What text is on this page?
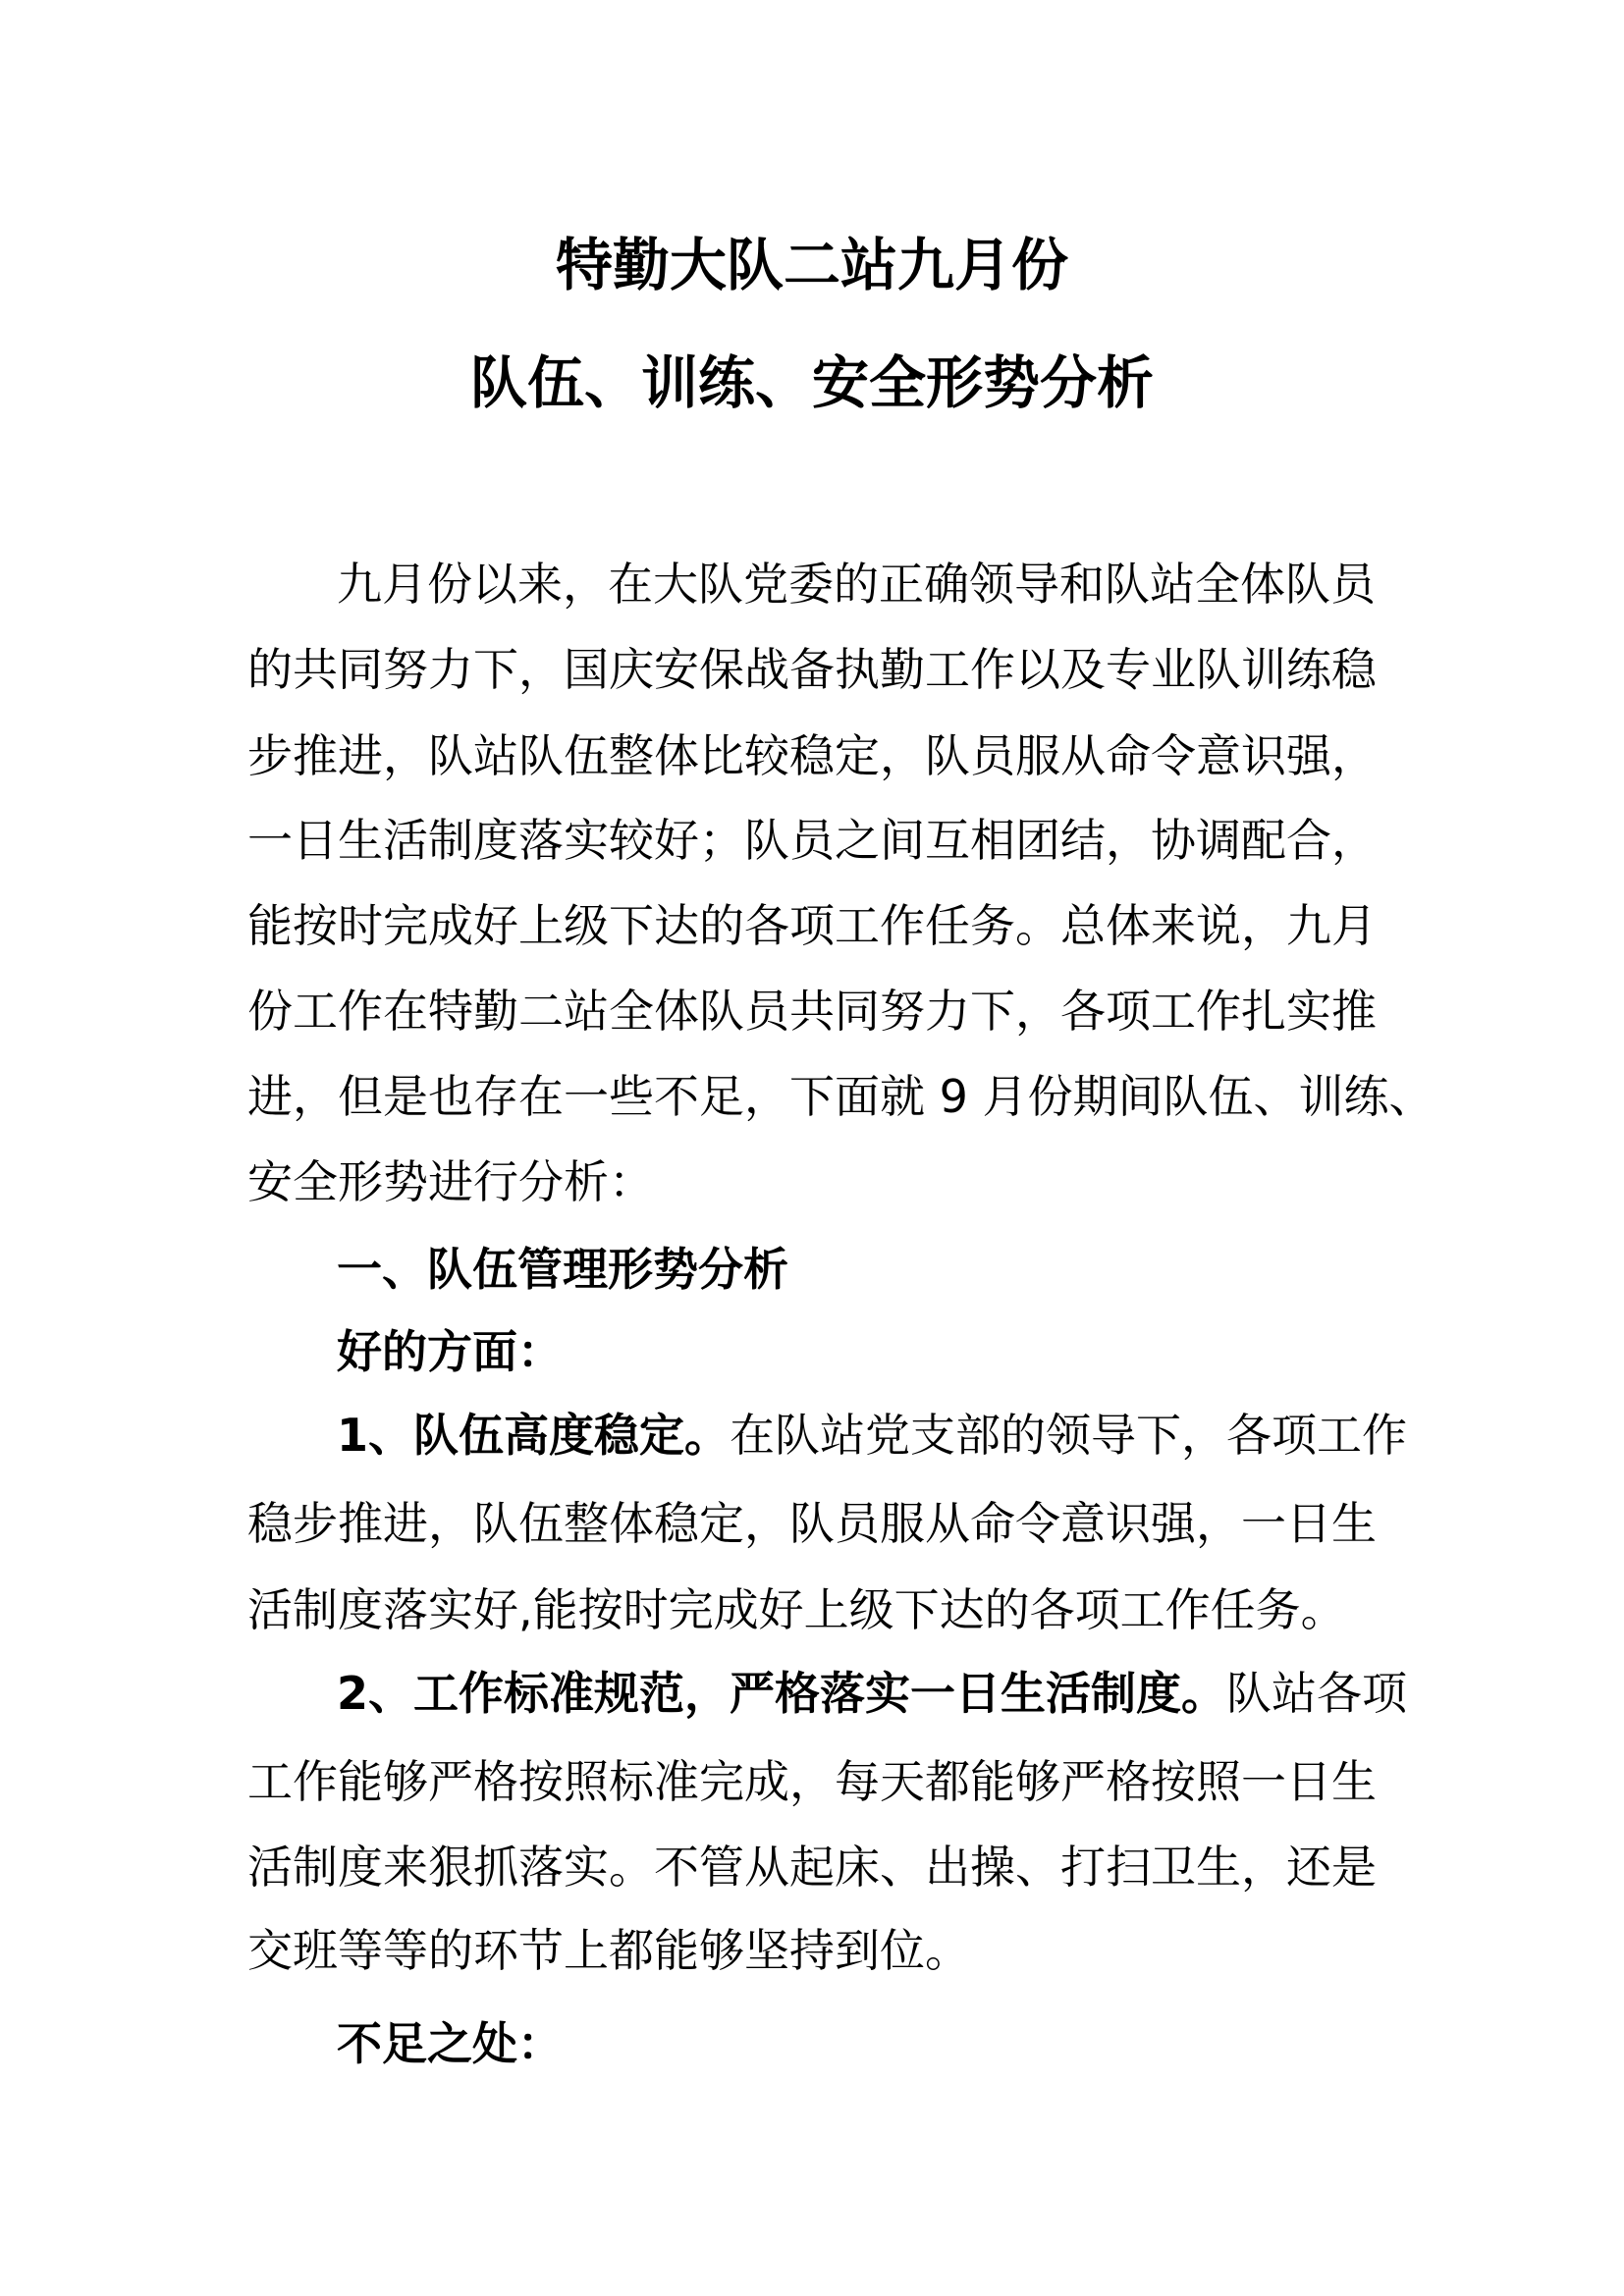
特勤大队二站九月份
队伍、训练、安全形势分析
九月份以来，在大队党委的正确领导和队站全体队员
的共同努力下，国庆安保战备执勤工作以及专业队训练稳
步推进，队站队伍整体比较稳定，队员服从命令意识强，
一日生活制度落实较好；队员之间互相团结，协调配合，
能按时完成好上级下达的各项工作任务。总体来说，九月
份工作在特勤二站全体队员共同努力下，各项工作扎实推
进，但是也存在一些不足，下面就 9 月份期间队伍、训练、
安全形势进行分析：
一、队伍管理形势分析
好的方面：
1、队伍高度稳定。在队站党支部的领导下，各项工作
稳步推进，队伍整体稳定，队员服从命令意识强，一日生
活制度落实好,能按时完成好上级下达的各项工作任务。
2、工作标准规范，严格落实一日生活制度。队站各项
工作能够严格按照标准完成，每天都能够严格按照一日生
活制度来狠抓落实。不管从起床、出操、打扫卫生，还是
交班等等的环节上都能够坚持到位。
不足之处：
